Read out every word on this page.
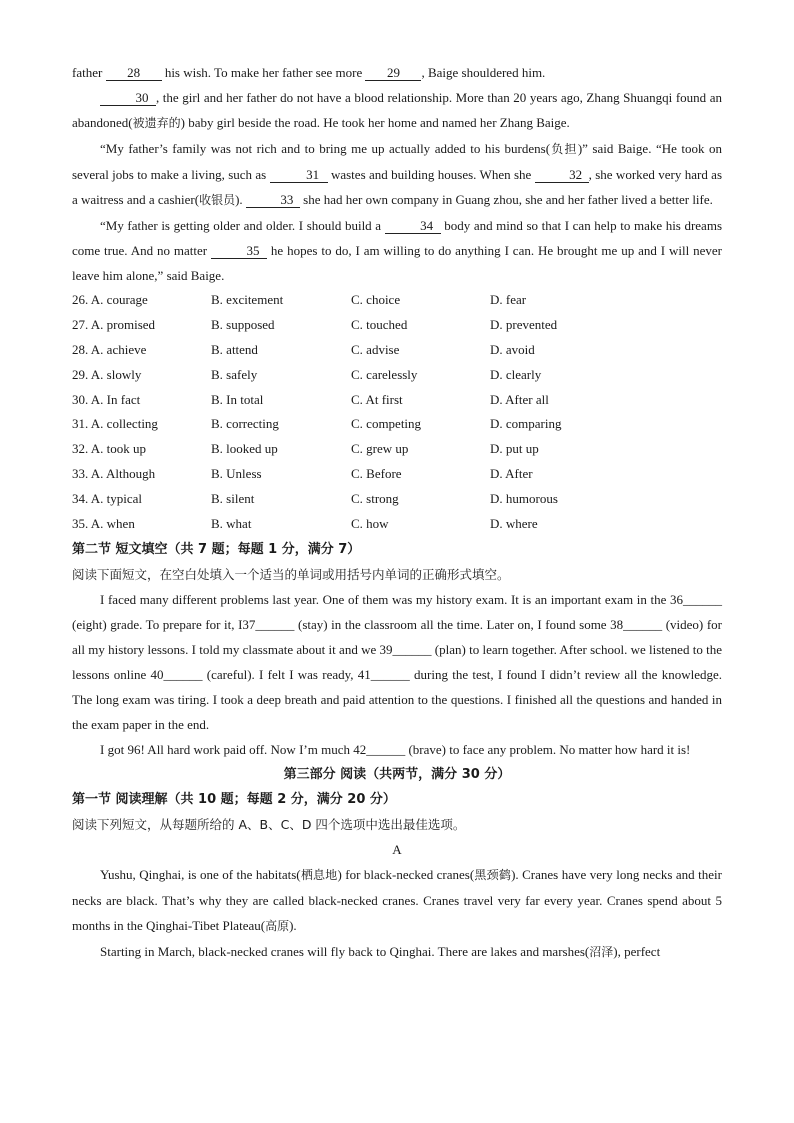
father 28 his wish. To make her father see more 29 , Baige shouldered him.

30 , the girl and her father do not have a blood relationship. More than 20 years ago, Zhang Shuangqi found an abandoned(被遗弃的) baby girl beside the road. He took her home and named her Zhang Baige.

“My father’s family was not rich and to bring me up actually added to his burdens(负担)” said Baige. “He took on several jobs to make a living, such as	31 wastes and building houses. When she	32 , she worked very hard as a waitress and a cashier(收银员).	33 she had her own company in Guang zhou, she and her father lived a better life.

“My father is getting older and older. I should build a	34 body and mind so that I can help to make his dreams come true. And no matter	35 he hopes to do, I am willing to do anything I can. He brought me up and I will never leave him alone,” said Baige.

26. A. courage	B. excitement	C. choice	D. fear
27. A. promised	B. supposed	C. touched	D. prevented
28. A. achieve	B. attend	C. advise	D. avoid
29. A. slowly	B. safely	C. carelessly	D. clearly
30. A. In fact	B. In total	C. At first	D. After all
31. A. collecting	B. correcting	C. competing	D. comparing
32. A. took up	B. looked up	C. grew up	D. put up
33. A. Although	B. Unless	C. Before	D. After
34. A. typical	B. silent	C. strong	D. humorous
35. A. when	B. what	C. how	D. where

第二节 短文填空（共 7 题；每题 1 分，满分 7）

阅读下面短文，在空白处填入一个适当的单词或用括号内单词的正确形式填空。

I faced many different problems last year. One of them was my history exam. It is an important exam in the 36______ (eight) grade. To prepare for it, I37______ (stay) in the classroom all the time. Later on, I found some 38______ (video) for all my history lessons. I told my classmate about it and we 39______ (plan) to learn together. After school. we listened to the lessons online 40______ (careful). I felt I was ready, 41______ during the test, I found I didn’t review all the knowledge. The long exam was tiring. I took a deep breath and paid attention to the questions. I finished all the questions and handed in the exam paper in the end.

I got 96! All hard work paid off. Now I’m much 42______ (brave) to face any problem. No matter how hard it is!

第三部分 阅读（共两节，满分 30 分）

第一节 阅读理解（共 10 题；每题 2 分，满分 20 分）

阅读下列短文，从每题所给的 A、B、C、D 四个选项中选出最佳选项。

A

Yushu, Qinghai, is one of the habitats(栖息地) for black-necked cranes(黑颈鹤). Cranes have very long necks and their necks are black. That’s why they are called black-necked cranes. Cranes travel very far every year. Cranes spend about 5 months in the Qinghai-Tibet Plateau(高原).

Starting in March, black-necked cranes will fly back to Qinghai. There are lakes and marshes(沼泽), perfect
